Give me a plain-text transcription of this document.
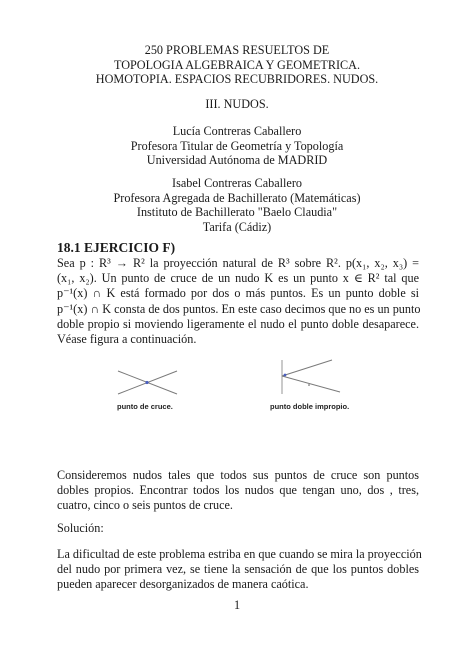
250 PROBLEMAS RESUELTOS DE
TOPOLOGIA ALGEBRAICA Y GEOMETRICA.
HOMOTOPIA. ESPACIOS RECUBRIDORES. NUDOS.
III. NUDOS.
Lucía Contreras Caballero
Profesora Titular de Geometría y Topología
Universidad Autónoma de MADRID
Isabel Contreras Caballero
Profesora Agregada de Bachillerato (Matemáticas)
Instituto de Bachillerato "Baelo Claudia"
Tarifa (Cádiz)
18.1 EJERCICIO F)
Sea p : R³ → R² la proyección natural de R³ sobre R². p(x₁, x₂, x₃) =
(x₁, x₂). Un punto de cruce de un nudo K es un punto x ∈ R² tal que
p⁻¹(x) ∩ K está formado por dos o más puntos. Es un punto doble si
p⁻¹(x) ∩ K consta de dos puntos. En este caso decimos que no es un punto
doble propio si moviendo ligeramente el nudo el punto doble desaparece.
Véase figura a continuación.
punto de cruce.	punto doble impropio.
Consideremos nudos tales que todos sus puntos de cruce son puntos
dobles propios. Encontrar todos los nudos que tengan uno, dos , tres,
cuatro, cinco o seis puntos de cruce.
Solución:
La dificultad de este problema estriba en que cuando se mira la proyección
del nudo por primera vez, se tiene la sensación de que los puntos dobles
pueden aparecer desorganizados de manera caótica.
1
